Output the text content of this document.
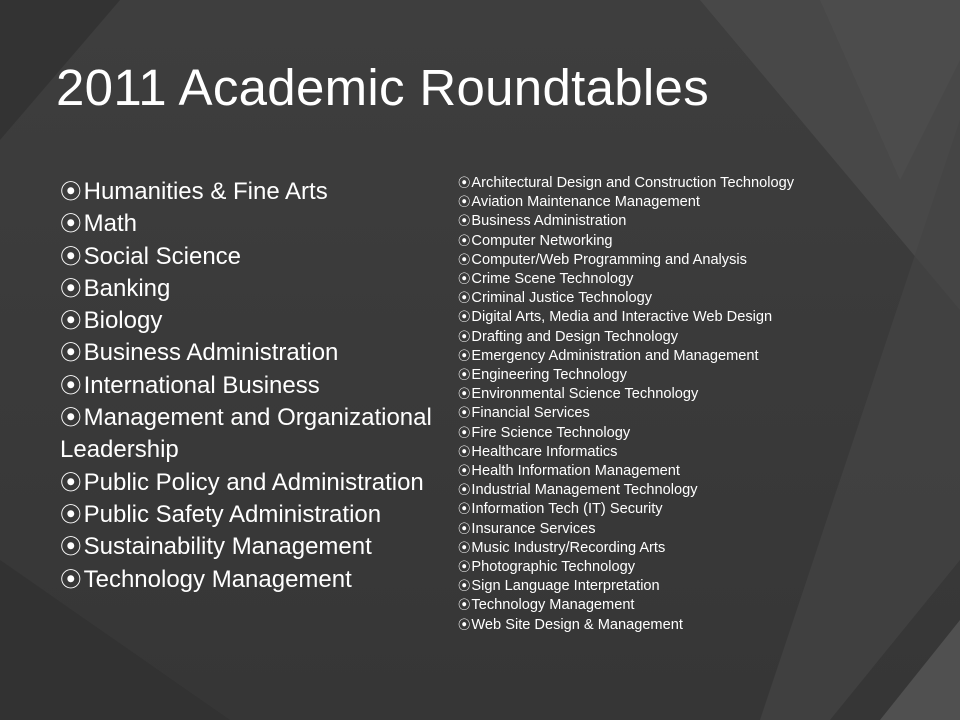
2011 Academic Roundtables
⦿Humanities & Fine Arts
⦿Math
⦿Social Science
⦿Banking
⦿Biology
⦿Business Administration
⦿International Business
⦿Management and Organizational Leadership
⦿Public Policy and Administration
⦿Public Safety Administration
⦿Sustainability Management
⦿Technology Management
⦿Architectural Design and Construction Technology
⦿Aviation Maintenance Management
⦿Business Administration
⦿Computer Networking
⦿Computer/Web Programming and Analysis
⦿Crime Scene Technology
⦿Criminal Justice Technology
⦿Digital Arts, Media and Interactive Web Design
⦿Drafting and Design Technology
⦿Emergency Administration and Management
⦿Engineering Technology
⦿Environmental Science Technology
⦿Financial Services
⦿Fire Science Technology
⦿Healthcare Informatics
⦿Health Information Management
⦿Industrial Management Technology
⦿Information Tech (IT) Security
⦿Insurance Services
⦿Music Industry/Recording Arts
⦿Photographic Technology
⦿Sign Language Interpretation
⦿Technology Management
⦿Web Site Design & Management
